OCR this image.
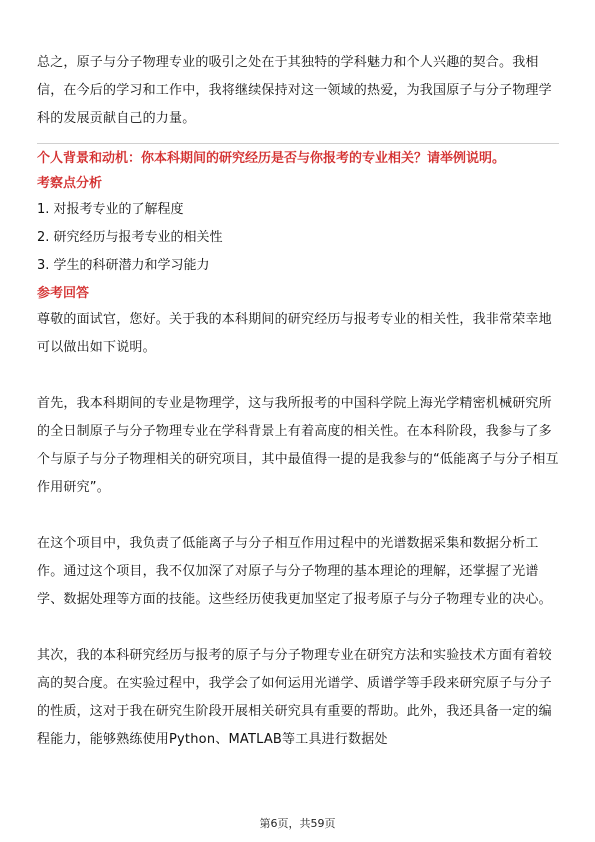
总之，原子与分子物理专业的吸引之处在于其独特的学科魅力和个人兴趣的契合。我相信，在今后的学习和工作中，我将继续保持对这一领域的热爱，为我国原子与分子物理学科的发展贡献自己的力量。

个人背景和动机：你本科期间的研究经历是否与你报考的专业相关？请举例说明。

考察点分析

1. 对报考专业的了解程度
2. 研究经历与报考专业的相关性
3. 学生的科研潜力和学习能力

参考回答

尊敬的面试官，您好。关于我的本科期间的研究经历与报考专业的相关性，我非常荣幸地可以做出如下说明。

首先，我本科期间的专业是物理学，这与我所报考的中国科学院上海光学精密机械研究所的全日制原子与分子物理专业在学科背景上有着高度的相关性。在本科阶段，我参与了多个与原子与分子物理相关的研究项目，其中最值得一提的是我参与的“低能离子与分子相互作用研究”。

在这个项目中，我负责了低能离子与分子相互作用过程中的光谱数据采集和数据分析工作。通过这个项目，我不仅加深了对原子与分子物理的基本理论的理解，还掌握了光谱学、数据处理等方面的技能。这些经历使我更加坚定了报考原子与分子物理专业的决心。

其次，我的本科研究经历与报考的原子与分子物理专业在研究方法和实验技术方面有着较高的契合度。在实验过程中，我学会了如何运用光谱学、质谱学等手段来研究原子与分子的性质，这对于我在研究生阶段开展相关研究具有重要的帮助。此外，我还具备一定的编程能力，能够熟练使用Python、MATLAB等工具进行数据处

第6页，共59页
